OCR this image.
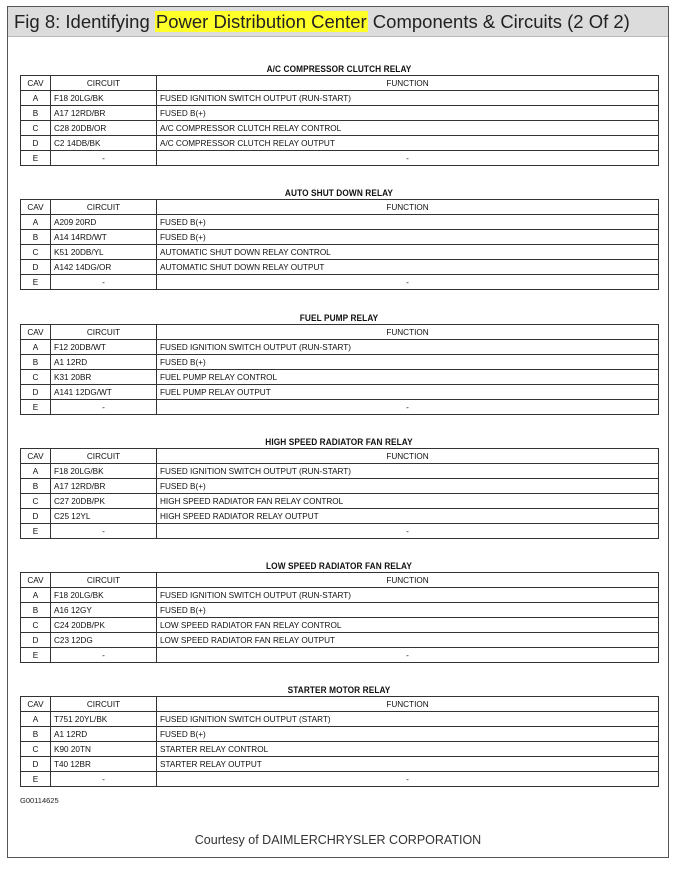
Fig 8: Identifying Power Distribution Center Components & Circuits (2 Of 2)
A/C COMPRESSOR CLUTCH RELAY
CAV	CIRCUIT	FUNCTION
A	F18 20LG/BK	FUSED IGNITION SWITCH OUTPUT (RUN-START)
B	A17 12RD/BR	FUSED B(+)
C	C28 20DB/OR	A/C COMPRESSOR CLUTCH RELAY CONTROL
D	C2 14DB/BK	A/C COMPRESSOR CLUTCH RELAY OUTPUT
E	-	-
AUTO SHUT DOWN RELAY
CAV	CIRCUIT	FUNCTION
A	A209 20RD	FUSED B(+)
B	A14 14RD/WT	FUSED B(+)
C	K51 20DB/YL	AUTOMATIC SHUT DOWN RELAY CONTROL
D	A142 14DG/OR	AUTOMATIC SHUT DOWN RELAY OUTPUT
E	-	-
FUEL PUMP RELAY
CAV	CIRCUIT	FUNCTION
A	F12 20DB/WT	FUSED IGNITION SWITCH OUTPUT (RUN-START)
B	A1 12RD	FUSED B(+)
C	K31 20BR	FUEL PUMP RELAY CONTROL
D	A141 12DG/WT	FUEL PUMP RELAY OUTPUT
E	-	-
HIGH SPEED RADIATOR FAN RELAY
CAV	CIRCUIT	FUNCTION
A	F18 20LG/BK	FUSED IGNITION SWITCH OUTPUT (RUN-START)
B	A17 12RD/BR	FUSED B(+)
C	C27 20DB/PK	HIGH SPEED RADIATOR FAN RELAY CONTROL
D	C25 12YL	HIGH SPEED RADIATOR RELAY OUTPUT
E	-	-
LOW SPEED RADIATOR FAN RELAY
CAV	CIRCUIT	FUNCTION
A	F18 20LG/BK	FUSED IGNITION SWITCH OUTPUT (RUN-START)
B	A16 12GY	FUSED B(+)
C	C24 20DB/PK	LOW SPEED RADIATOR FAN RELAY CONTROL
D	C23 12DG	LOW SPEED RADIATOR FAN RELAY OUTPUT
E	-	-
STARTER MOTOR RELAY
CAV	CIRCUIT	FUNCTION
A	T751 20YL/BK	FUSED IGNITION SWITCH OUTPUT (START)
B	A1 12RD	FUSED B(+)
C	K90 20TN	STARTER RELAY CONTROL
D	T40 12BR	STARTER RELAY OUTPUT
E	-	-
G00114625
Courtesy of DAIMLERCHRYSLER CORPORATION
